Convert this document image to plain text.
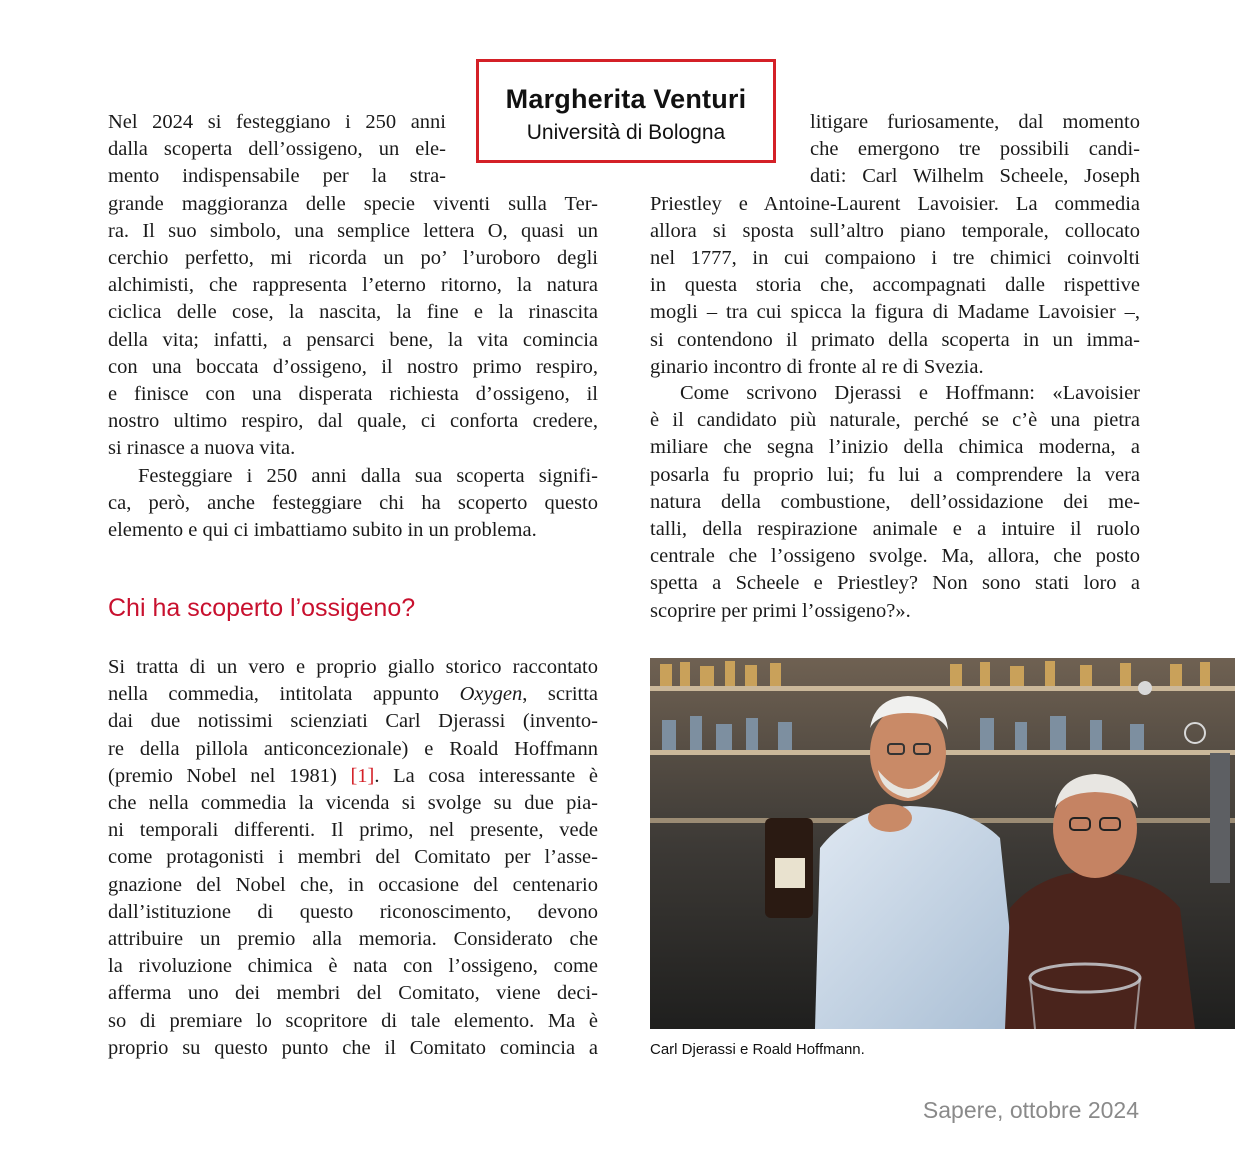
Margherita Venturi
Università di Bologna
Nel 2024 si festeggiano i 250 anni
dalla scoperta dell’ossigeno, un ele-
mento indispensabile per la stra-
grande maggioranza delle specie viventi sulla Ter-
ra. Il suo simbolo, una semplice lettera O, quasi un
cerchio perfetto, mi ricorda un po’ l’uroboro degli
alchimisti, che rappresenta l’eterno ritorno, la natura
ciclica delle cose, la nascita, la fine e la rinascita
della vita; infatti, a pensarci bene, la vita comincia
con una boccata d’ossigeno, il nostro primo respiro,
e finisce con una disperata richiesta d’ossigeno, il
nostro ultimo respiro, dal quale, ci conforta credere,
si rinasce a nuova vita.
Festeggiare i 250 anni dalla sua scoperta signifi-
ca, però, anche festeggiare chi ha scoperto questo
elemento e qui ci imbattiamo subito in un problema.
Chi ha scoperto l’ossigeno?
Si tratta di un vero e proprio giallo storico raccontato
nella commedia, intitolata appunto Oxygen, scritta
dai due notissimi scienziati Carl Djerassi (invento-
re della pillola anticoncezionale) e Roald Hoffmann
(premio Nobel nel 1981) [1]. La cosa interessante è
che nella commedia la vicenda si svolge su due pia-
ni temporali differenti. Il primo, nel presente, vede
come protagonisti i membri del Comitato per l’asse-
gnazione del Nobel che, in occasione del centenario
dall’istituzione di questo riconoscimento, devono
attribuire un premio alla memoria. Considerato che
la rivoluzione chimica è nata con l’ossigeno, come
afferma uno dei membri del Comitato, viene deci-
so di premiare lo scopritore di tale elemento. Ma è
proprio su questo punto che il Comitato comincia a
litigare furiosamente, dal momento
che emergono tre possibili candi-
dati: Carl Wilhelm Scheele, Joseph
Priestley e Antoine-Laurent Lavoisier. La commedia
allora si sposta sull’altro piano temporale, collocato
nel 1777, in cui compaiono i tre chimici coinvolti
in questa storia che, accompagnati dalle rispettive
mogli – tra cui spicca la figura di Madame Lavoisier –,
si contendono il primato della scoperta in un imma-
ginario incontro di fronte al re di Svezia.
Come scrivono Djerassi e Hoffmann: «Lavoisier
è il candidato più naturale, perché se c’è una pietra
miliare che segna l’inizio della chimica moderna, a
posarla fu proprio lui; fu lui a comprendere la vera
natura della combustione, dell’ossidazione dei me-
talli, della respirazione animale e a intuire il ruolo
centrale che l’ossigeno svolge. Ma, allora, che posto
spetta a Scheele e Priestley? Non sono stati loro a
scoprire per primi l’ossigeno?».

Carl Djerassi e Roald Hoffmann.

Sapere, ottobre 2024
